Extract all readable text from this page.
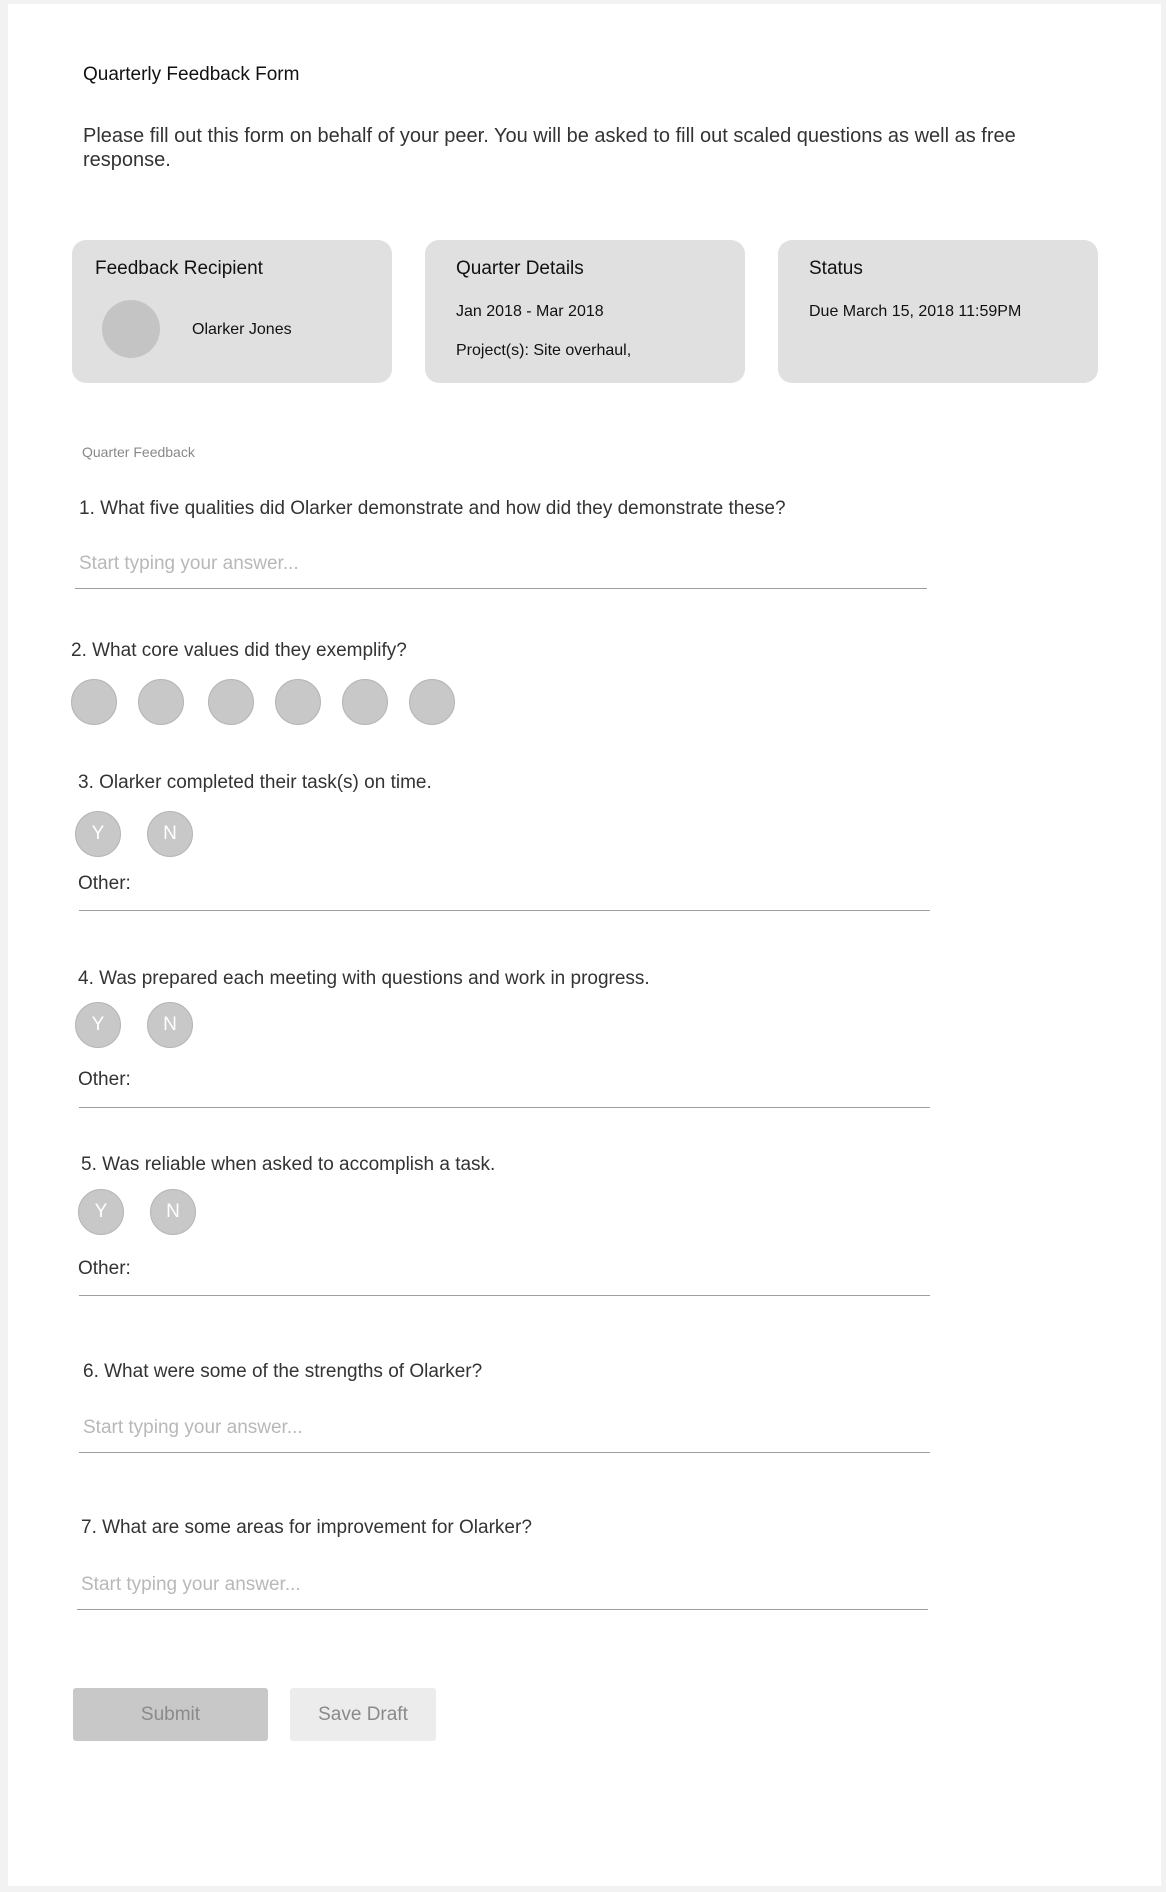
Quarterly Feedback Form
Please fill out this form on behalf of your peer. You will be asked to fill out scaled questions as well as free response.
Feedback Recipient
Olarker Jones
Quarter Details
Jan 2018 - Mar 2018
Project(s): Site overhaul,
Status
Due March 15, 2018 11:59PM
Quarter Feedback
1. What five qualities did Olarker demonstrate and how did they demonstrate these?
Start typing your answer...
2. What core values did they exemplify?
3. Olarker completed their task(s) on time.
Y	N
Other:
4. Was prepared each meeting with questions and work in progress.
Y	N
Other:
5. Was reliable when asked to accomplish a task.
Y	N
Other:
6. What were some of the strengths of Olarker?
Start typing your answer...
7. What are some areas for improvement for Olarker?
Start typing your answer...
Submit	Save Draft
